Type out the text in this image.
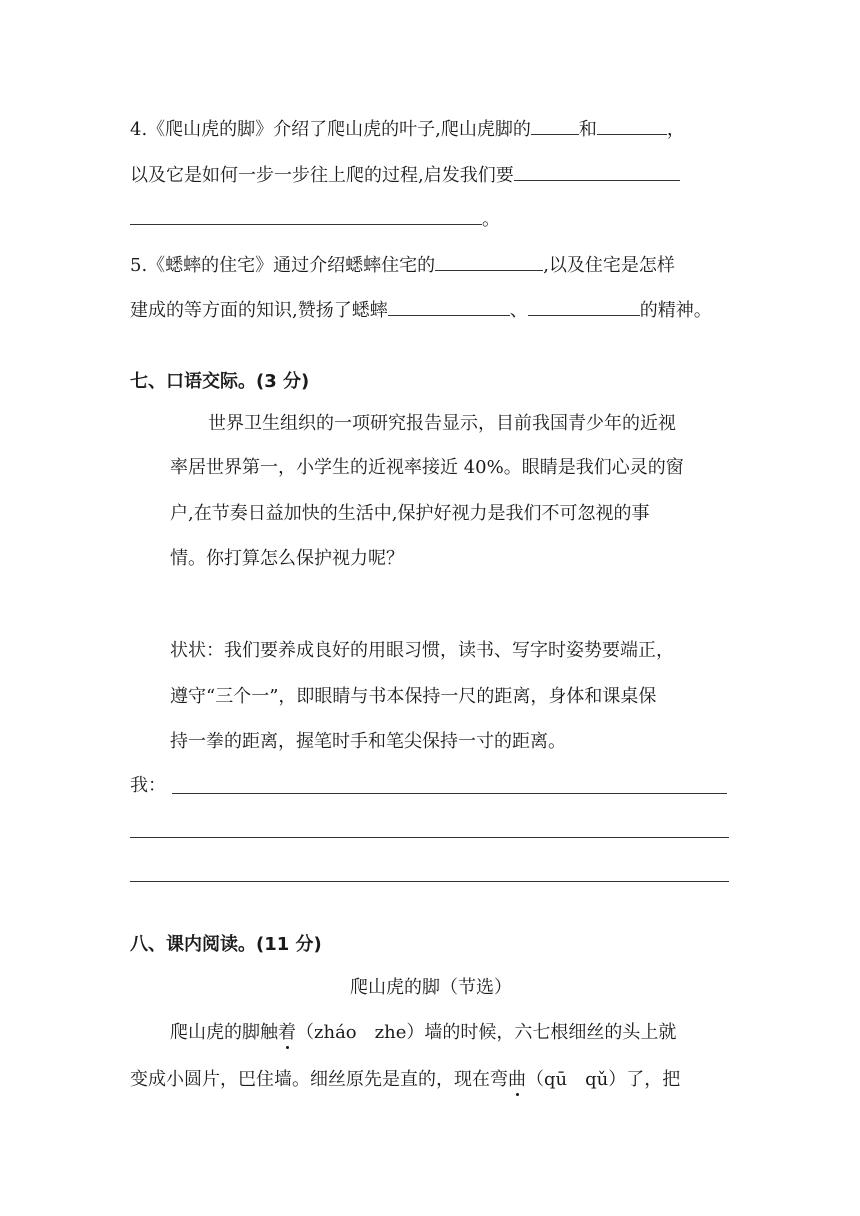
4.《爬山虎的脚》介绍了爬山虎的叶子,爬山虎脚的	和	，
以及它是如何一步一步往上爬的过程,启发我们要
。
5.《蟋蟀的住宅》通过介绍蟋蟀住宅的	,以及住宅是怎样
建成的等方面的知识,赞扬了蟋蟀	、	的精神。
七、口语交际。(3 分)
世界卫生组织的一项研究报告显示，目前我国青少年的近视
率居世界第一，小学生的近视率接近 40%。眼睛是我们心灵的窗
户,在节奏日益加快的生活中,保护好视力是我们不可忽视的事
情。你打算怎么保护视力呢？
状状：我们要养成良好的用眼习惯，读书、写字时姿势要端正，
遵守“三个一”，即眼睛与书本保持一尺的距离，身体和课桌保
持一拳的距离，握笔时手和笔尖保持一寸的距离。
我：
八、课内阅读。(11 分)
爬山虎的脚（节选）
爬山虎的脚触着（zháo　zhe）墙的时候，六七根细丝的头上就
变成小圆片，巴住墙。细丝原先是直的，现在弯曲（qū　qǔ）了，把
